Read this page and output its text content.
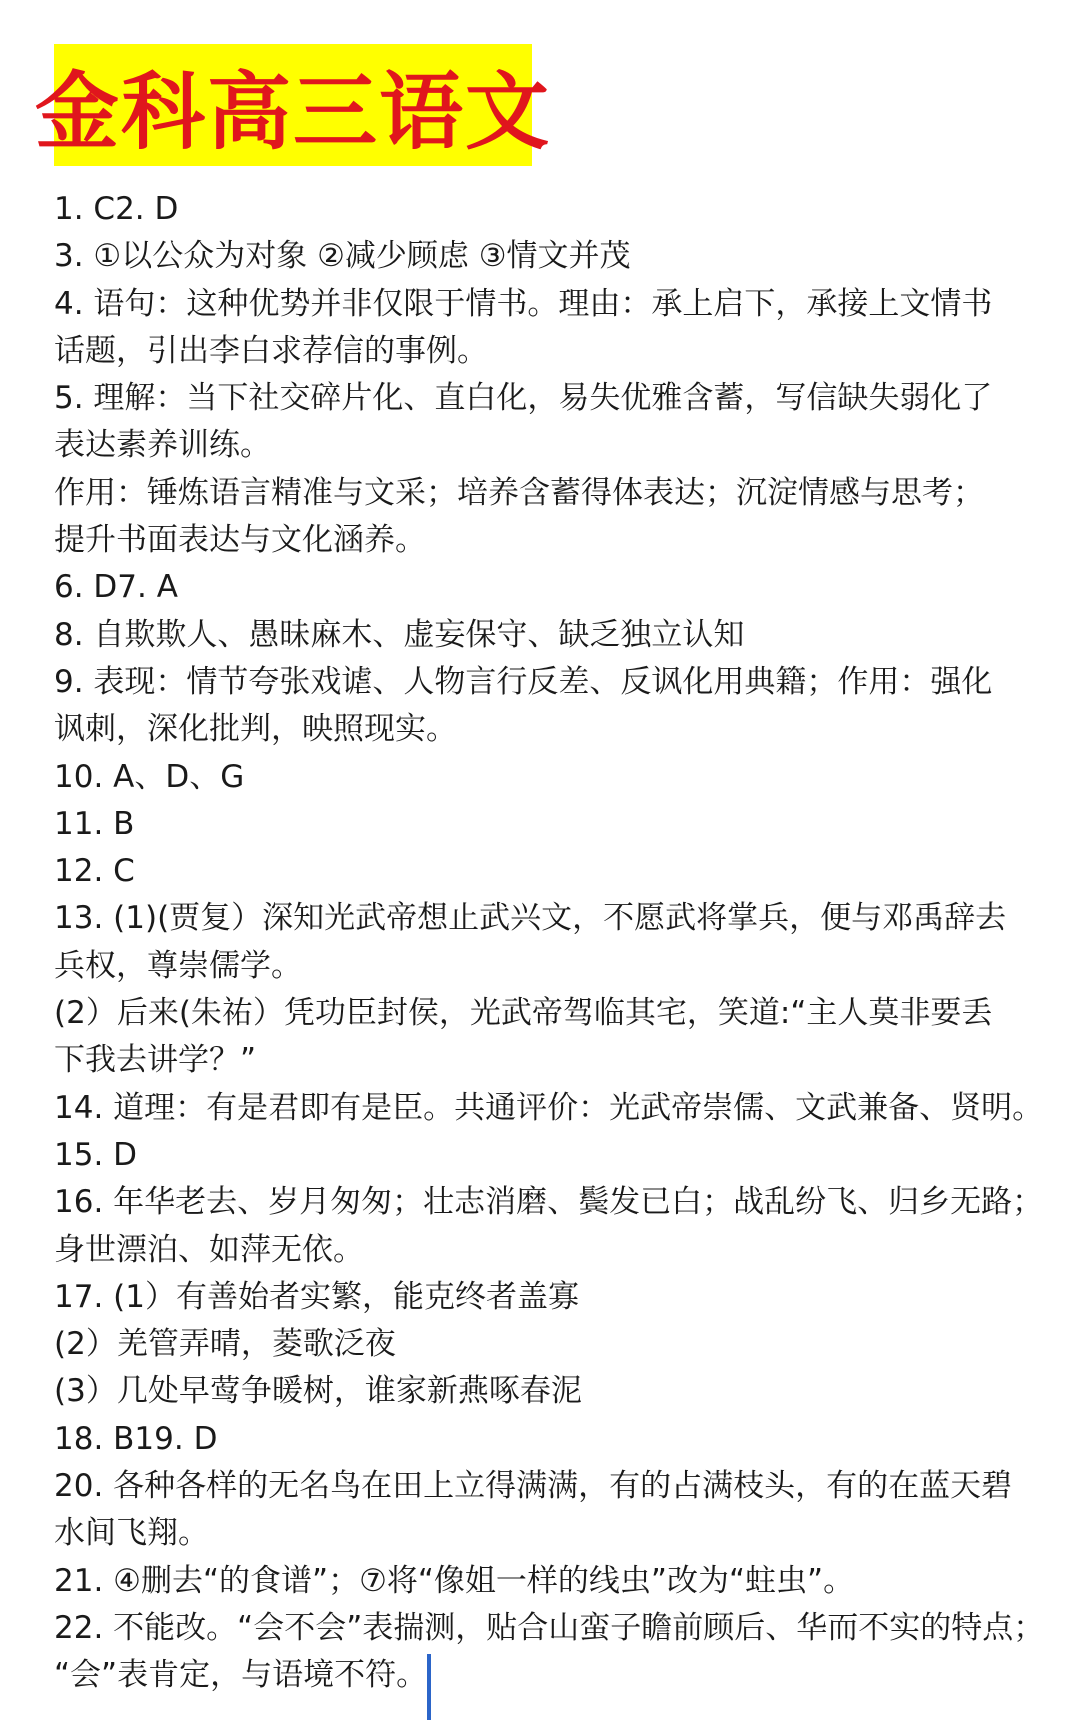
金科高三语文
1. C2. D
3. ①以公众为对象 ②减少顾虑 ③情文并茂
4. 语句：这种优势并非仅限于情书。理由：承上启下，承接上文情书
话题，引出李白求荐信的事例。
5. 理解：当下社交碎片化、直白化，易失优雅含蓄，写信缺失弱化了
表达素养训练。
作用：锤炼语言精准与文采；培养含蓄得体表达；沉淀情感与思考；
提升书面表达与文化涵养。
6. D7. A
8. 自欺欺人、愚昧麻木、虚妄保守、缺乏独立认知
9. 表现：情节夸张戏谑、人物言行反差、反讽化用典籍；作用：强化
讽刺，深化批判，映照现实。
10. A、D、G
11. B
12. C
13. (1)(贾复）深知光武帝想止武兴文，不愿武将掌兵，便与邓禹辞去
兵权，尊崇儒学。
(2）后来(朱祐）凭功臣封侯，光武帝驾临其宅，笑道:“主人莫非要丢
下我去讲学？”
14. 道理：有是君即有是臣。共通评价：光武帝崇儒、文武兼备、贤明。
15. D
16. 年华老去、岁月匆匆；壮志消磨、鬓发已白；战乱纷飞、归乡无路；
身世漂泊、如萍无依。
17. (1）有善始者实繁，能克终者盖寡
(2）羌管弄晴，菱歌泛夜
(3）几处早莺争暖树，谁家新燕啄春泥
18. B19. D
20. 各种各样的无名鸟在田上立得满满，有的占满枝头，有的在蓝天碧
水间飞翔。
21. ④删去“的食谱”；⑦将“像姐一样的线虫”改为“蛀虫”。
22. 不能改。“会不会”表揣测，贴合山蛮子瞻前顾后、华而不实的特点；
“会”表肯定，与语境不符。
